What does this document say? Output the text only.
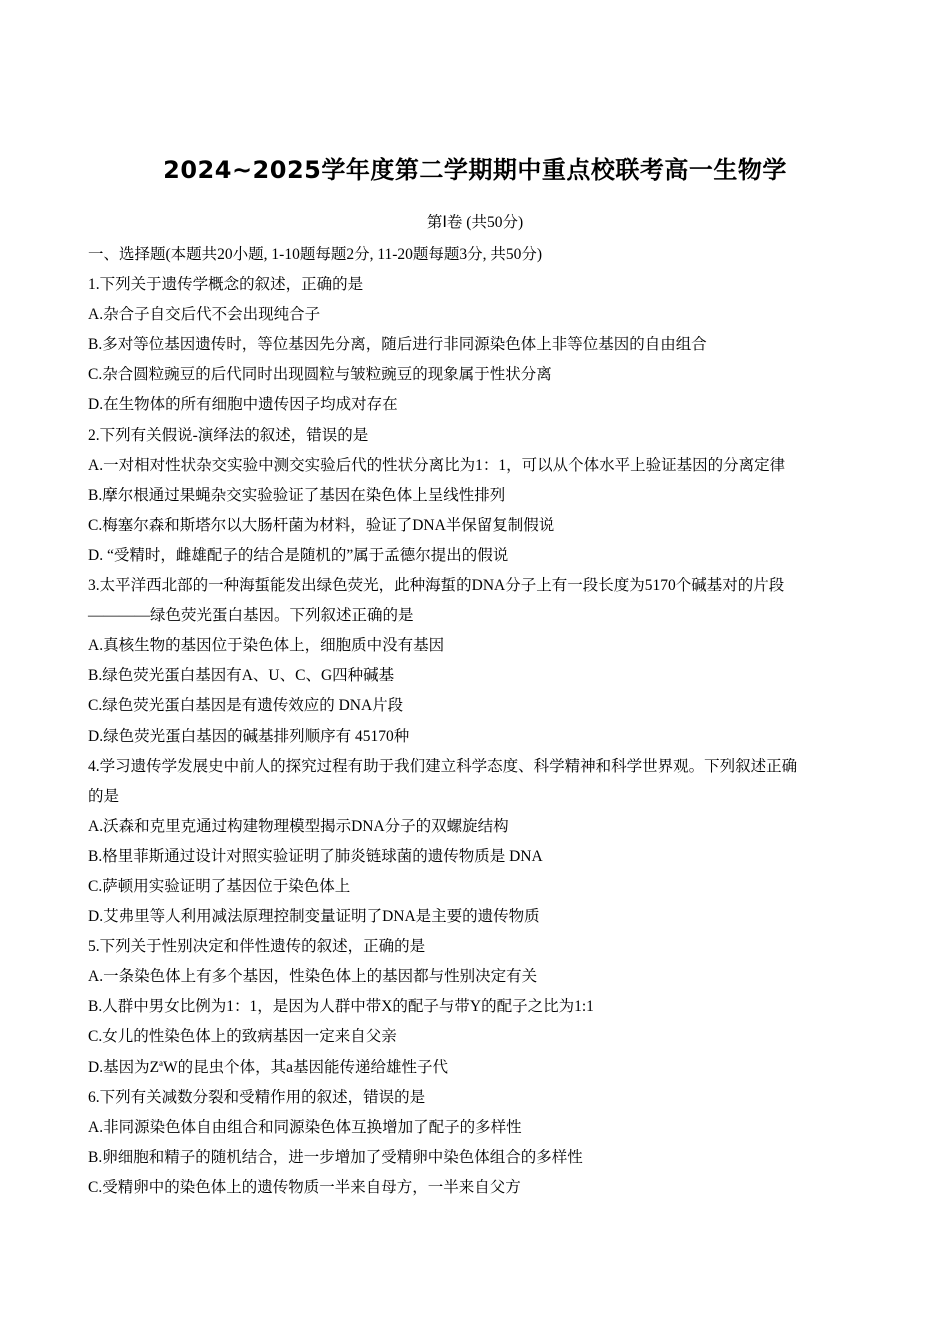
2024~2025学年度第二学期期中重点校联考高一生物学
第Ⅰ卷 (共50分)
一、选择题(本题共20小题, 1-10题每题2分, 11-20题每题3分, 共50分)
1.下列关于遗传学概念的叙述，正确的是
A.杂合子自交后代不会出现纯合子
B.多对等位基因遗传时，等位基因先分离，随后进行非同源染色体上非等位基因的自由组合
C.杂合圆粒豌豆的后代同时出现圆粒与皱粒豌豆的现象属于性状分离
D.在生物体的所有细胞中遗传因子均成对存在
2.下列有关假说-演绎法的叙述，错误的是
A.一对相对性状杂交实验中测交实验后代的性状分离比为1：1，可以从个体水平上验证基因的分离定律
B.摩尔根通过果蝇杂交实验验证了基因在染色体上呈线性排列
C.梅塞尔森和斯塔尔以大肠杆菌为材料，验证了DNA半保留复制假说
D. “受精时，雌雄配子的结合是随机的”属于孟德尔提出的假说
3.太平洋西北部的一种海蜇能发出绿色荧光，此种海蜇的DNA分子上有一段长度为5170个碱基对的片段
————绿色荧光蛋白基因。下列叙述正确的是
A.真核生物的基因位于染色体上，细胞质中没有基因
B.绿色荧光蛋白基因有A、U、C、G四种碱基
C.绿色荧光蛋白基因是有遗传效应的 DNA片段
D.绿色荧光蛋白基因的碱基排列顺序有 45170种
4.学习遗传学发展史中前人的探究过程有助于我们建立科学态度、科学精神和科学世界观。下列叙述正确
的是
A.沃森和克里克通过构建物理模型揭示DNA分子的双螺旋结构
B.格里菲斯通过设计对照实验证明了肺炎链球菌的遗传物质是 DNA
C.萨顿用实验证明了基因位于染色体上
D.艾弗里等人利用减法原理控制变量证明了DNA是主要的遗传物质
5.下列关于性别决定和伴性遗传的叙述，正确的是
A.一条染色体上有多个基因，性染色体上的基因都与性别决定有关
B.人群中男女比例为1：1，是因为人群中带X的配子与带Y的配子之比为1:1
C.女儿的性染色体上的致病基因一定来自父亲
D.基因为$Z^aW$的昆虫个体，其a基因能传递给雄性子代
6.下列有关减数分裂和受精作用的叙述，错误的是
A.非同源染色体自由组合和同源染色体互换增加了配子的多样性
B.卵细胞和精子的随机结合，进一步增加了受精卵中染色体组合的多样性
C.受精卵中的染色体上的遗传物质一半来自母方，一半来自父方
